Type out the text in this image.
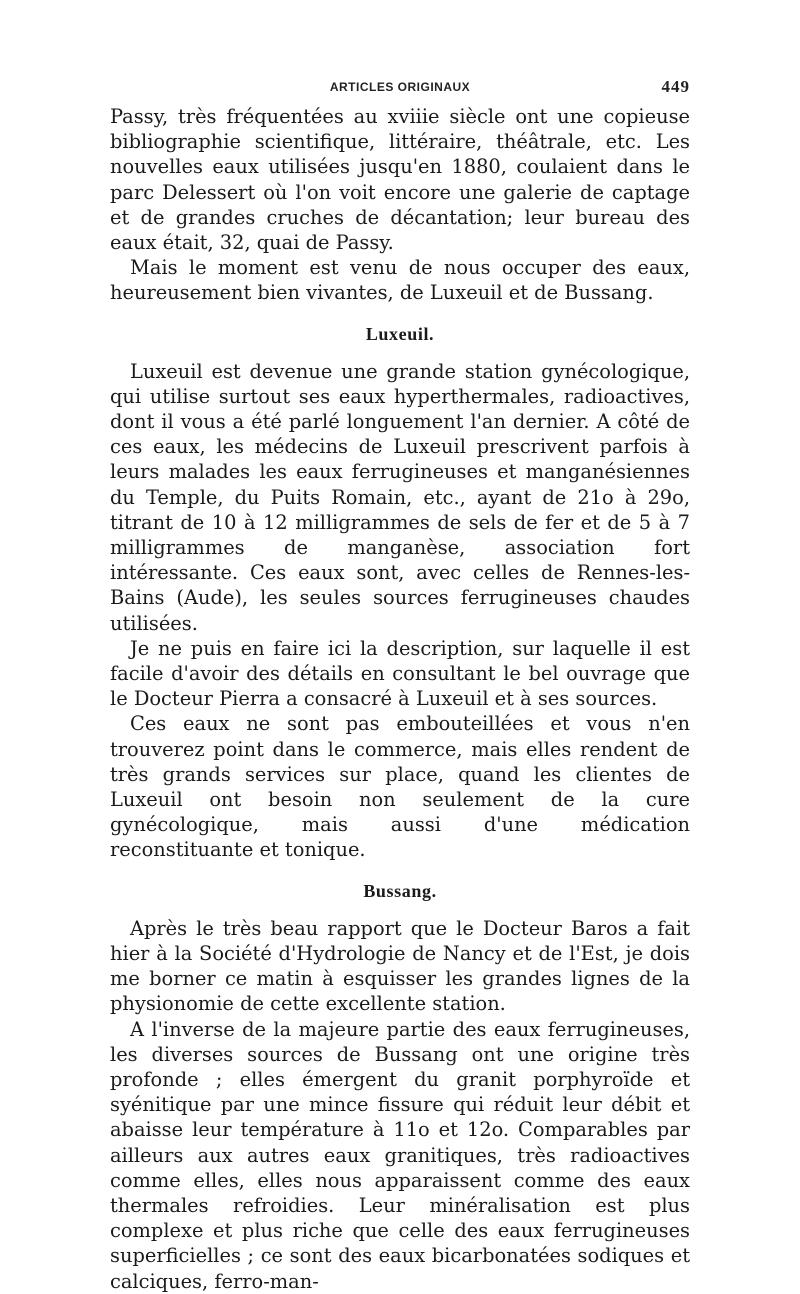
ARTICLES ORIGINAUX	449

Passy, très fréquentées au xviiie siècle ont une copieuse bibliographie scientifique, littéraire, théâtrale, etc. Les nouvelles eaux utilisées jusqu'en 1880, coulaient dans le parc Delessert où l'on voit encore une galerie de captage et de grandes cruches de décantation; leur bureau des eaux était, 32, quai de Passy.

Mais le moment est venu de nous occuper des eaux, heureusement bien vivantes, de Luxeuil et de Bussang.

Luxeuil.

Luxeuil est devenue une grande station gynécologique, qui utilise surtout ses eaux hyperthermales, radioactives, dont il vous a été parlé longuement l'an dernier. A côté de ces eaux, les médecins de Luxeuil prescrivent parfois à leurs malades les eaux ferrugineuses et manganésiennes du Temple, du Puits Romain, etc., ayant de 21o à 29o, titrant de 10 à 12 milligrammes de sels de fer et de 5 à 7 milligrammes de manganèse, association fort intéressante. Ces eaux sont, avec celles de Rennes-les-Bains (Aude), les seules sources ferrugineuses chaudes utilisées.

Je ne puis en faire ici la description, sur laquelle il est facile d'avoir des détails en consultant le bel ouvrage que le Docteur Pierra a consacré à Luxeuil et à ses sources.

Ces eaux ne sont pas embouteillées et vous n'en trouverez point dans le commerce, mais elles rendent de très grands services sur place, quand les clientes de Luxeuil ont besoin non seulement de la cure gynécologique, mais aussi d'une médication reconstituante et tonique.

Bussang.

Après le très beau rapport que le Docteur Baros a fait hier à la Société d'Hydrologie de Nancy et de l'Est, je dois me borner ce matin à esquisser les grandes lignes de la physionomie de cette excellente station.

A l'inverse de la majeure partie des eaux ferrugineuses, les diverses sources de Bussang ont une origine très profonde ; elles émergent du granit porphyroïde et syénitique par une mince fissure qui réduit leur débit et abaisse leur température à 11o et 12o. Comparables par ailleurs aux autres eaux granitiques, très radioactives comme elles, elles nous apparaissent comme des eaux thermales refroidies. Leur minéralisation est plus complexe et plus riche que celle des eaux ferrugineuses superficielles ; ce sont des eaux bicarbonatées sodiques et calciques, ferro-man-
